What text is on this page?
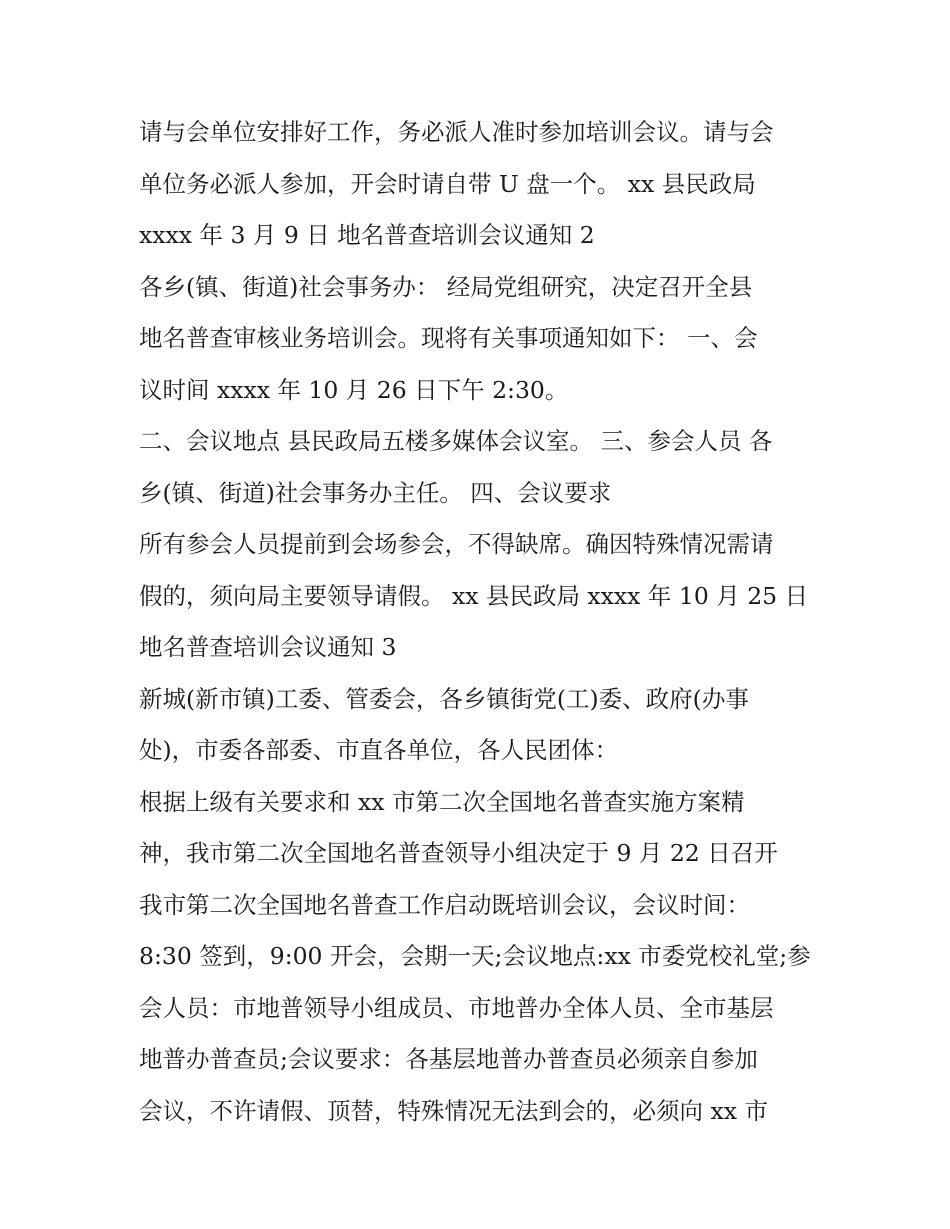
请与会单位安排好工作，务必派人准时参加培训会议。请与会
单位务必派人参加，开会时请自带 U 盘一个。 xx 县民政局
xxxx 年 3 月 9 日 地名普查培训会议通知 2
各乡(镇、街道)社会事务办： 经局党组研究，决定召开全县
地名普查审核业务培训会。现将有关事项通知如下： 一、会
议时间 xxxx 年 10 月 26 日下午 2:30。
二、会议地点 县民政局五楼多媒体会议室。 三、参会人员 各
乡(镇、街道)社会事务办主任。 四、会议要求
所有参会人员提前到会场参会，不得缺席。确因特殊情况需请
假的，须向局主要领导请假。 xx 县民政局 xxxx 年 10 月 25 日
地名普查培训会议通知 3
新城(新市镇)工委、管委会，各乡镇街党(工)委、政府(办事
处)，市委各部委、市直各单位，各人民团体：
根据上级有关要求和 xx 市第二次全国地名普查实施方案精
神，我市第二次全国地名普查领导小组决定于 9 月 22 日召开
我市第二次全国地名普查工作启动既培训会议，会议时间：
8:30 签到，9:00 开会，会期一天;会议地点:xx 市委党校礼堂;参
会人员：市地普领导小组成员、市地普办全体人员、全市基层
地普办普查员;会议要求：各基层地普办普查员必须亲自参加
会议，不许请假、顶替，特殊情况无法到会的，必须向 xx 市
